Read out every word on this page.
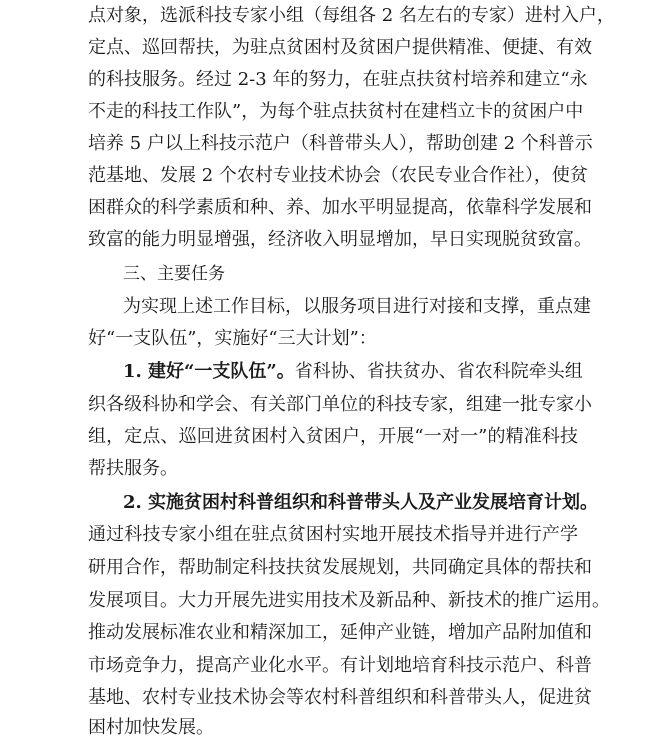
点对象，选派科技专家小组（每组各 2 名左右的专家）进村入户，
定点、巡回帮扶，为驻点贫困村及贫困户提供精准、便捷、有效
的科技服务。经过 2-3 年的努力，在驻点扶贫村培养和建立“永
不走的科技工作队”，为每个驻点扶贫村在建档立卡的贫困户中
培养 5 户以上科技示范户（科普带头人），帮助创建 2 个科普示
范基地、发展 2 个农村专业技术协会（农民专业合作社），使贫
困群众的科学素质和种、养、加水平明显提高，依靠科学发展和
致富的能力明显增强，经济收入明显增加，早日实现脱贫致富。
三、主要任务
为实现上述工作目标，以服务项目进行对接和支撑，重点建
好“一支队伍”，实施好“三大计划”：
1. 建好“一支队伍”。省科协、省扶贫办、省农科院牵头组
织各级科协和学会、有关部门单位的科技专家，组建一批专家小
组，定点、巡回进贫困村入贫困户，开展“一对一”的精准科技
帮扶服务。
2. 实施贫困村科普组织和科普带头人及产业发展培育计划。
通过科技专家小组在驻点贫困村实地开展技术指导并进行产学
研用合作，帮助制定科技扶贫发展规划，共同确定具体的帮扶和
发展项目。大力开展先进实用技术及新品种、新技术的推广运用。
推动发展标准农业和精深加工，延伸产业链，增加产品附加值和
市场竞争力，提高产业化水平。有计划地培育科技示范户、科普
基地、农村专业技术协会等农村科普组织和科普带头人，促进贫
困村加快发展。
